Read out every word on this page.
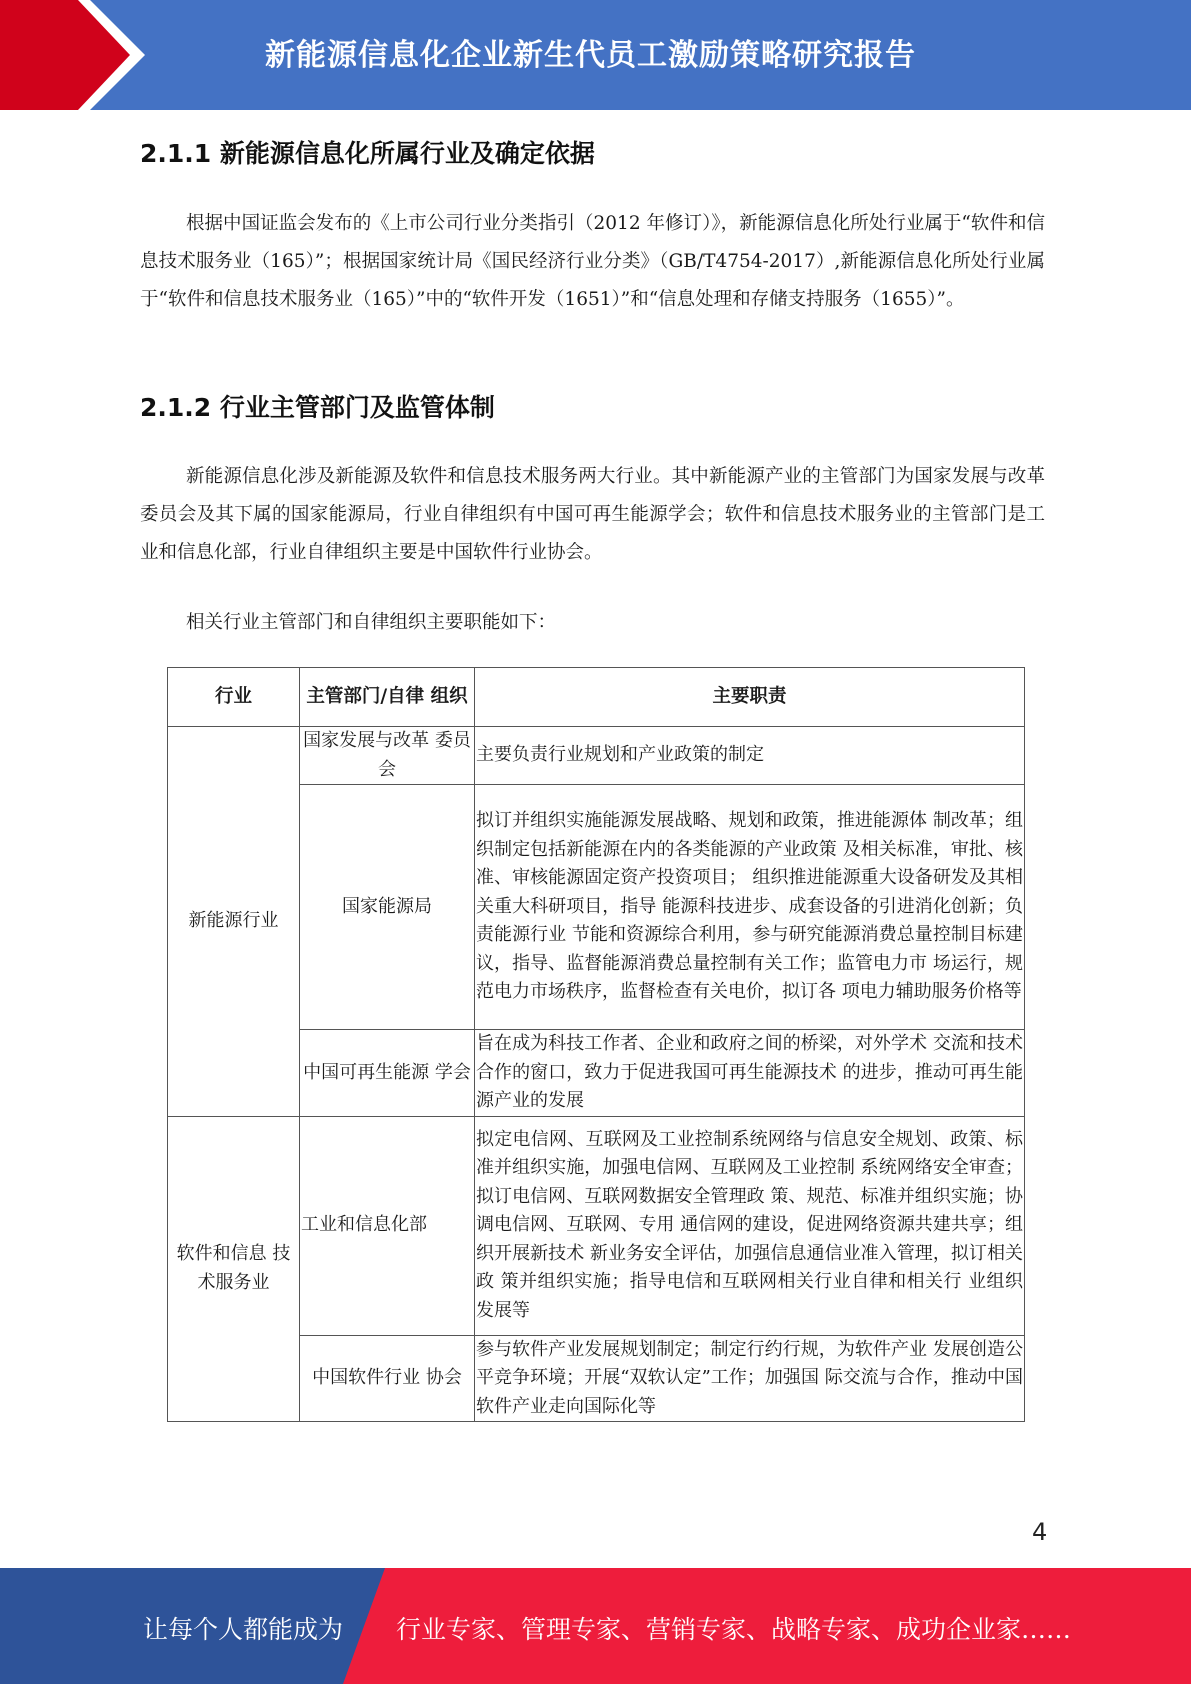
新能源信息化企业新生代员工激励策略研究报告
2.1.1 新能源信息化所属行业及确定依据

根据中国证监会发布的《上市公司行业分类指引（2012 年修订）》，新能源信息化所处行业属于“软件和信息技术服务业（165）”；根据国家统计局《国民经济行业分类》（GB/T4754-2017）,新能源信息化所处行业属于“软件和信息技术服务业（165）”中的“软件开发（1651）”和“信息处理和存储支持服务（1655）”。

2.1.2 行业主管部门及监管体制

新能源信息化涉及新能源及软件和信息技术服务两大行业。其中新能源产业的主管部门为国家发展与改革委员会及其下属的国家能源局，行业自律组织有中国可再生能源学会；软件和信息技术服务业的主管部门是工业和信息化部，行业自律组织主要是中国软件行业协会。

相关行业主管部门和自律组织主要职能如下：

行业	主管部门/自律 组织	主要职责
新能源行业	国家发展与改革 委员会	主要负责行业规划和产业政策的制定
	国家能源局	拟订并组织实施能源发展战略、规划和政策，推进能源体 制改革；组织制定包括新能源在内的各类能源的产业政策 及相关标准，审批、核准、审核能源固定资产投资项目； 组织推进能源重大设备研发及其相关重大科研项目，指导 能源科技进步、成套设备的引进消化创新；负责能源行业 节能和资源综合利用，参与研究能源消费总量控制目标建 议，指导、监督能源消费总量控制有关工作；监管电力市 场运行，规范电力市场秩序，监督检查有关电价，拟订各 项电力辅助服务价格等
	中国可再生能源 学会	旨在成为科技工作者、企业和政府之间的桥梁，对外学术 交流和技术合作的窗口，致力于促进我国可再生能源技术 的进步，推动可再生能源产业的发展
软件和信息 技术服务业	工业和信息化部	拟定电信网、互联网及工业控制系统网络与信息安全规划、政策、标准并组织实施，加强电信网、互联网及工业控制 系统网络安全审查；拟订电信网、互联网数据安全管理政 策、规范、标准并组织实施；协调电信网、互联网、专用 通信网的建设，促进网络资源共建共享；组织开展新技术 新业务安全评估，加强信息通信业准入管理，拟订相关政 策并组织实施；指导电信和互联网相关行业自律和相关行 业组织发展等
	中国软件行业 协会	参与软件产业发展规划制定；制定行约行规，为软件产业 发展创造公平竞争环境；开展“双软认定”工作；加强国 际交流与合作，推动中国软件产业走向国际化等
4
让每个人都能成为 行业专家、管理专家、营销专家、战略专家、成功企业家……
